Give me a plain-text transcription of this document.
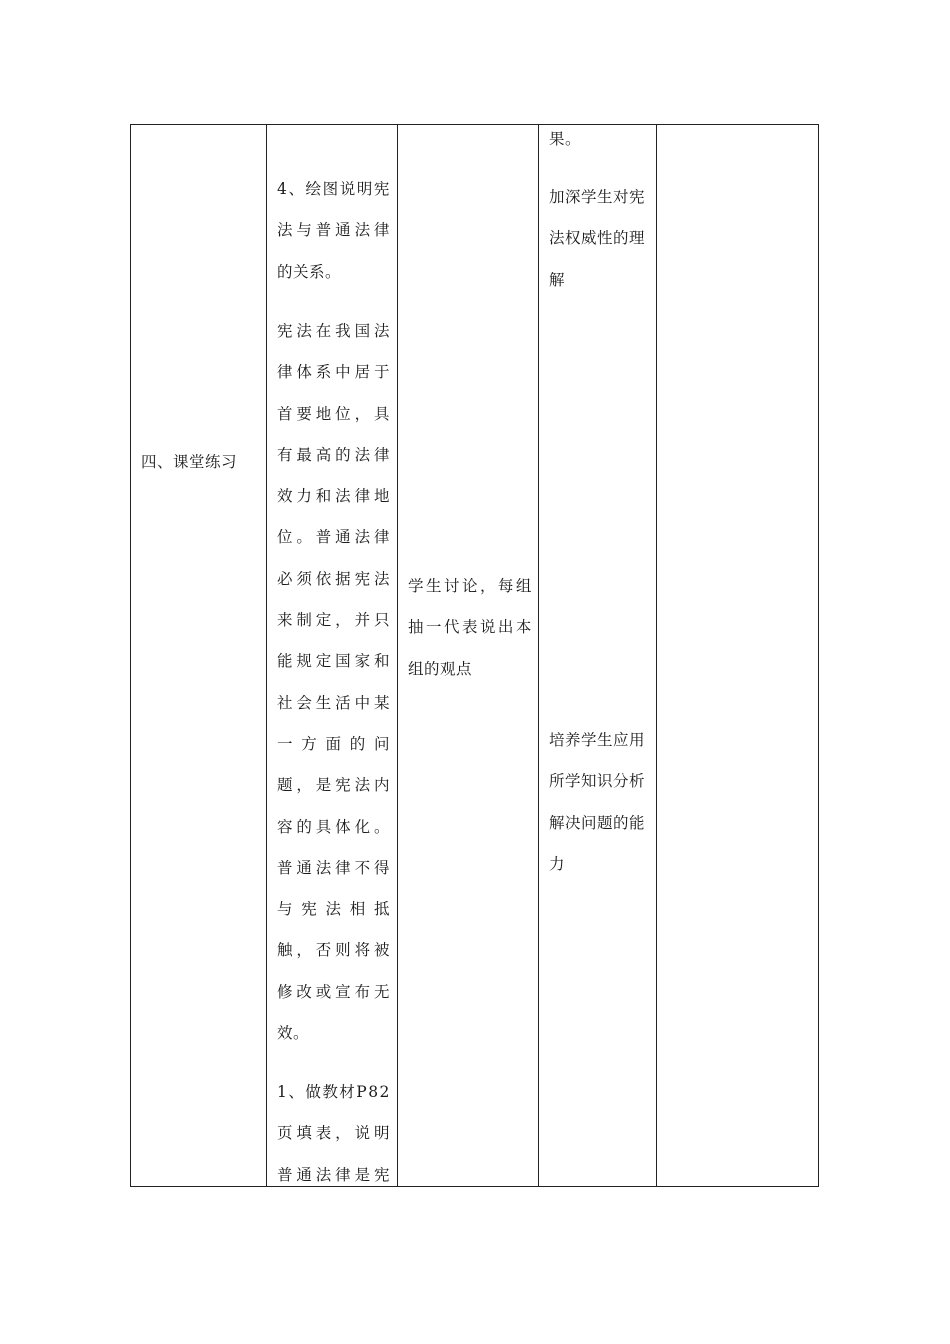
四、课堂练习
4 、 绘 图 说 明 宪
法 与 普 通 法 律
的关系。
宪 法 在 我 国 法
律 体 系 中 居 于
首 要 地 位 ， 具
有 最 高 的 法 律
效 力 和 法 律 地
位 。 普 通 法 律
必 须 依 据 宪 法
来 制 定 ， 并 只
能 规 定 国 家 和
社 会 生 活 中 某
一 方 面 的 问
题 ， 是 宪 法 内
容 的 具 体 化 。
普 通 法 律 不 得
与 宪 法 相 抵
触 ， 否 则 将 被
修 改 或 宣 布 无
效。
1 、 做 教 材 P 8 2
页 填 表 ， 说 明
普 通 法 律 是 宪
学 生 讨 论 ， 每 组
抽 一 代 表 说 出 本
组的观点
果。
加深学生对宪
法权威性的理
解
培养学生应用
所学知识分析
解决问题的能
力
